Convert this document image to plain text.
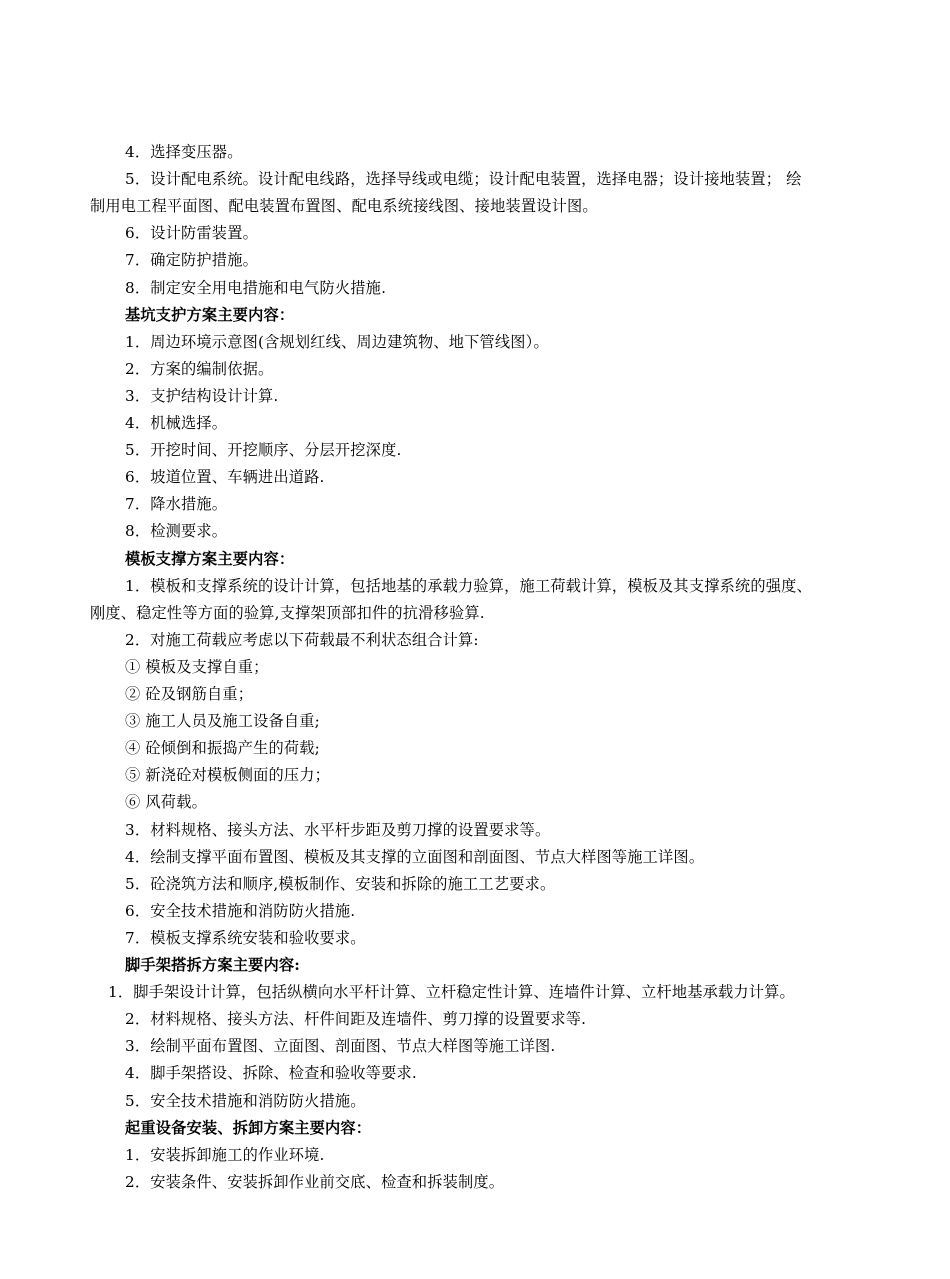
4．选择变压器。
5．设计配电系统。设计配电线路，选择导线或电缆；设计配电装置，选择电器；设计接地装置； 绘
制用电工程平面图、配电装置布置图、配电系统接线图、接地装置设计图。
6．设计防雷装置。
7．确定防护措施。
8．制定安全用电措施和电气防火措施.
基坑支护方案主要内容：
1．周边环境示意图(含规划红线、周边建筑物、地下管线图）。
2．方案的编制依据。
3．支护结构设计计算.
4．机械选择。
5．开挖时间、开挖顺序、分层开挖深度.
6．坡道位置、车辆进出道路.
7．降水措施。
8．检测要求。
模板支撑方案主要内容：
1．模板和支撑系统的设计计算，包括地基的承载力验算，施工荷载计算，模板及其支撑系统的强度、
刚度、稳定性等方面的验算,支撑架顶部扣件的抗滑移验算.
2．对施工荷载应考虑以下荷载最不利状态组合计算:
① 模板及支撑自重；
② 砼及钢筋自重；
③ 施工人员及施工设备自重;
④ 砼倾倒和振捣产生的荷载;
⑤ 新浇砼对模板侧面的压力；
⑥ 风荷载。
3．材料规格、接头方法、水平杆步距及剪刀撑的设置要求等。
4．绘制支撑平面布置图、模板及其支撑的立面图和剖面图、节点大样图等施工详图。
5．砼浇筑方法和顺序,模板制作、安装和拆除的施工工艺要求。
6．安全技术措施和消防防火措施.
7．模板支撑系统安装和验收要求。
脚手架搭拆方案主要内容:
1．脚手架设计计算，包括纵横向水平杆计算、立杆稳定性计算、连墙件计算、立杆地基承载力计算。
2．材料规格、接头方法、杆件间距及连墙件、剪刀撑的设置要求等.
3．绘制平面布置图、立面图、剖面图、节点大样图等施工详图.
4．脚手架搭设、拆除、检查和验收等要求.
5．安全技术措施和消防防火措施。
起重设备安装、拆卸方案主要内容：
1．安装拆卸施工的作业环境.
2．安装条件、安装拆卸作业前交底、检查和拆装制度。
